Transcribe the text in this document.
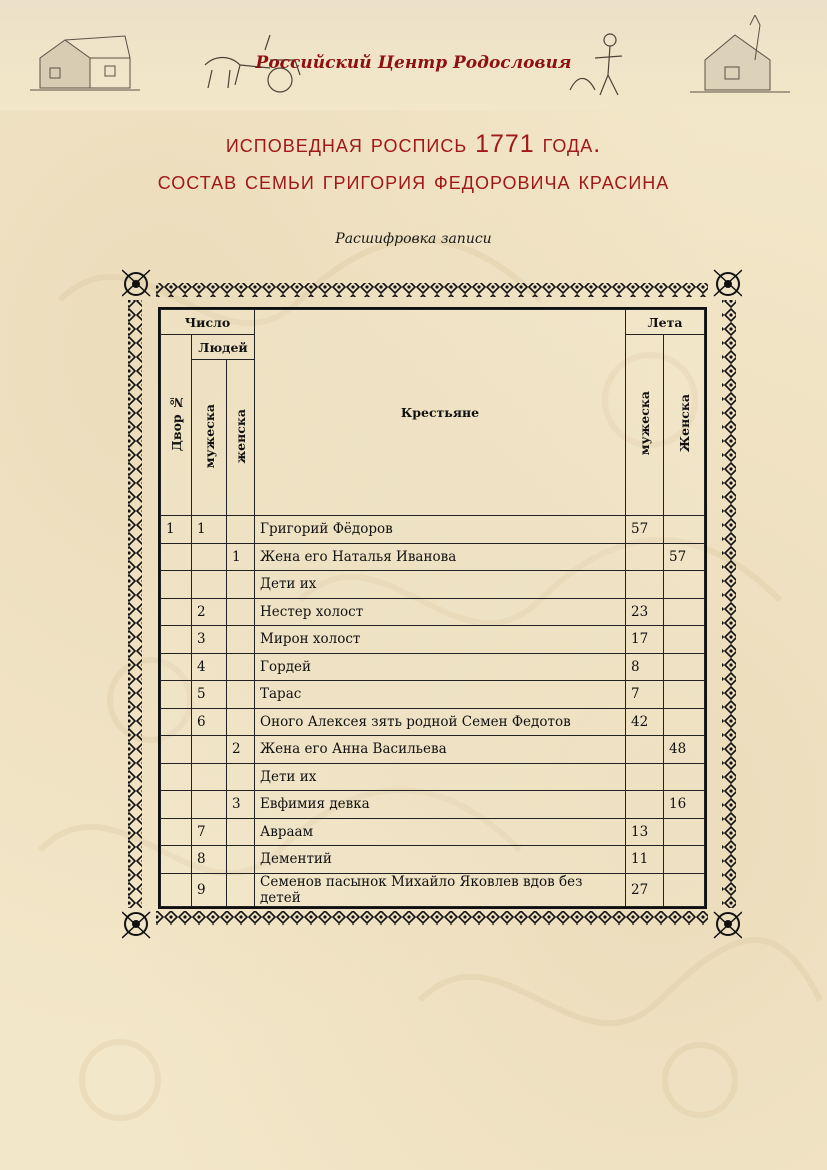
Российский Центр Родословия
исповедная роспись 1771 года.
состав семьи григория федоровича красина
Расшифровка записи
Число			Крестьяне	Лета	
Двор №	Людей			мужеска	Женска
	мужеска	женска			
1	1		Григорий Фёдоров	57	
		1	Жена его Наталья Иванова		57
			Дети их		
	2		Нестер холост	23	
	3		Мирон холост	17	
	4		Гордей	8	
	5		Тарас	7	
	6		Оного Алексея зять родной Семен Федотов	42	
		2	Жена его Анна Васильева		48
			Дети их		
		3	Евфимия девка		16
	7		Авраам	13	
	8		Дементий	11	
	9		Семенов пасынок Михайло Яковлев вдов без детей	27	
